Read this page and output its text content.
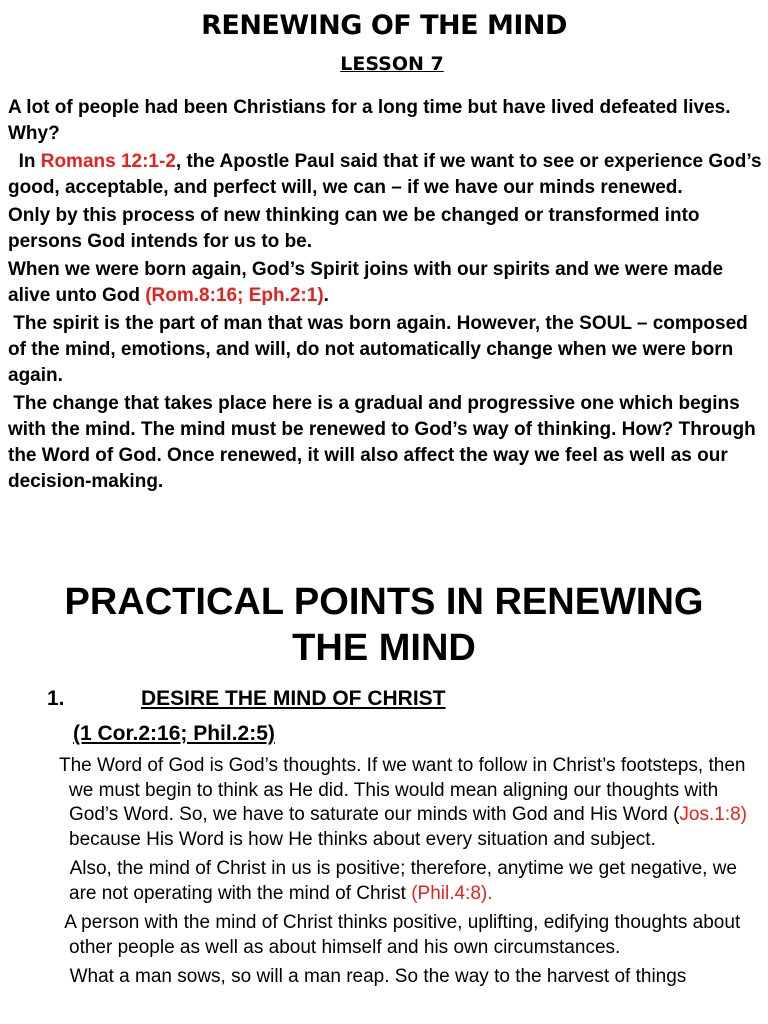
RENEWING OF THE MIND
LESSON 7

A lot of people had been Christians for a long time but have lived defeated lives. Why?

In Romans 12:1-2, the Apostle Paul said that if we want to see or experience God’s good, acceptable, and perfect will, we can – if we have our minds renewed.

Only by this process of new thinking can we be changed or transformed into persons God intends for us to be.

When we were born again, God’s Spirit joins with our spirits and we were made alive unto God (Rom.8:16; Eph.2:1).

The spirit is the part of man that was born again. However, the SOUL – composed of the mind, emotions, and will, do not automatically change when we were born again.

The change that takes place here is a gradual and progressive one which begins with the mind. The mind must be renewed to God’s way of thinking. How? Through the Word of God. Once renewed, it will also affect the way we feel as well as our decision-making.

PRACTICAL POINTS IN RENEWING
THE MIND
1.	DESIRE THE MIND OF CHRIST
(1 Cor.2:16; Phil.2:5)

The Word of God is God’s thoughts. If we want to follow in Christ’s footsteps, then we must begin to think as He did. This would mean aligning our thoughts with God’s Word. So, we have to saturate our minds with God and His Word (Jos.1:8) because His Word is how He thinks about every situation and subject.

Also, the mind of Christ in us is positive; therefore, anytime we get negative, we are not operating with the mind of Christ (Phil.4:8).

A person with the mind of Christ thinks positive, uplifting, edifying thoughts about other people as well as about himself and his own circumstances.

What a man sows, so will a man reap. So the way to the harvest of things
